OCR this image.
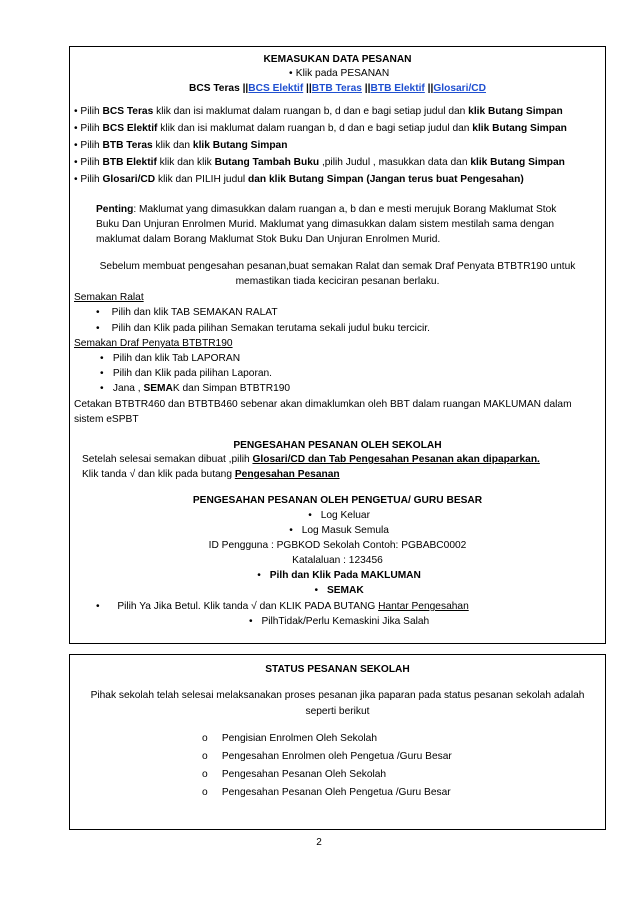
KEMASUKAN DATA PESANAN
• Klik pada PESANAN
BCS Teras ||BCS Elektif ||BTB Teras ||BTB Elektif ||Glosari/CD
• Pilih BCS Teras klik dan isi maklumat dalam ruangan b, d dan e bagi setiap judul dan klik Butang Simpan
• Pilih BCS Elektif klik dan isi maklumat dalam ruangan b, d dan e bagi setiap judul dan klik Butang Simpan
• Pilih BTB Teras klik dan klik Butang Simpan
• Pilih BTB Elektif klik dan klik Butang Tambah Buku ,pilih Judul , masukkan data dan klik Butang Simpan
• Pilih Glosari/CD klik dan PILIH judul dan klik Butang Simpan (Jangan terus buat Pengesahan)
Penting: Maklumat yang dimasukkan dalam ruangan a, b dan e mesti merujuk Borang Maklumat Stok
Buku Dan Unjuran Enrolmen Murid. Maklumat yang dimasukkan dalam sistem mestilah sama dengan
maklumat dalam Borang Maklumat Stok Buku Dan Unjuran Enrolmen Murid.
Sebelum membuat pengesahan pesanan,buat semakan Ralat dan semak Draf Penyata BTBTR190 untuk
memastikan tiada keciciran pesanan berlaku.
Semakan Ralat
• Pilih dan klik TAB SEMAKAN RALAT
• Pilih dan Klik pada pilihan Semakan terutama sekali judul buku tercicir.
Semakan Draf Penyata BTBTR190
• Pilih dan klik Tab LAPORAN
• Pilih dan Klik pada pilihan Laporan.
• Jana , SEMAK dan Simpan BTBTR190
Cetakan BTBTR460 dan BTBTB460 sebenar akan dimaklumkan oleh BBT dalam ruangan MAKLUMAN dalam
sistem eSPBT
PENGESAHAN PESANAN OLEH SEKOLAH
Setelah selesai semakan dibuat ,pilih Glosari/CD dan Tab Pengesahan Pesanan akan dipaparkan.
Klik tanda √ dan klik pada butang Pengesahan Pesanan
PENGESAHAN PESANAN OLEH PENGETUA/ GURU BESAR
• Log Keluar
• Log Masuk Semula
ID Pengguna : PGBKOD Sekolah Contoh: PGBABC0002
Katalaluan : 123456
• Pilh dan Klik Pada MAKLUMAN
• SEMAK
• Pilih Ya Jika Betul. Klik tanda √ dan KLIK PADA BUTANG Hantar Pengesahan
• PilhTidak/Perlu Kemaskini Jika Salah
STATUS PESANAN SEKOLAH
Pihak sekolah telah selesai melaksanakan proses pesanan jika paparan pada status pesanan sekolah adalah
seperti berikut
o Pengisian Enrolmen Oleh Sekolah
o Pengesahan Enrolmen oleh Pengetua /Guru Besar
o Pengesahan Pesanan Oleh Sekolah
o Pengesahan Pesanan Oleh Pengetua /Guru Besar
2
